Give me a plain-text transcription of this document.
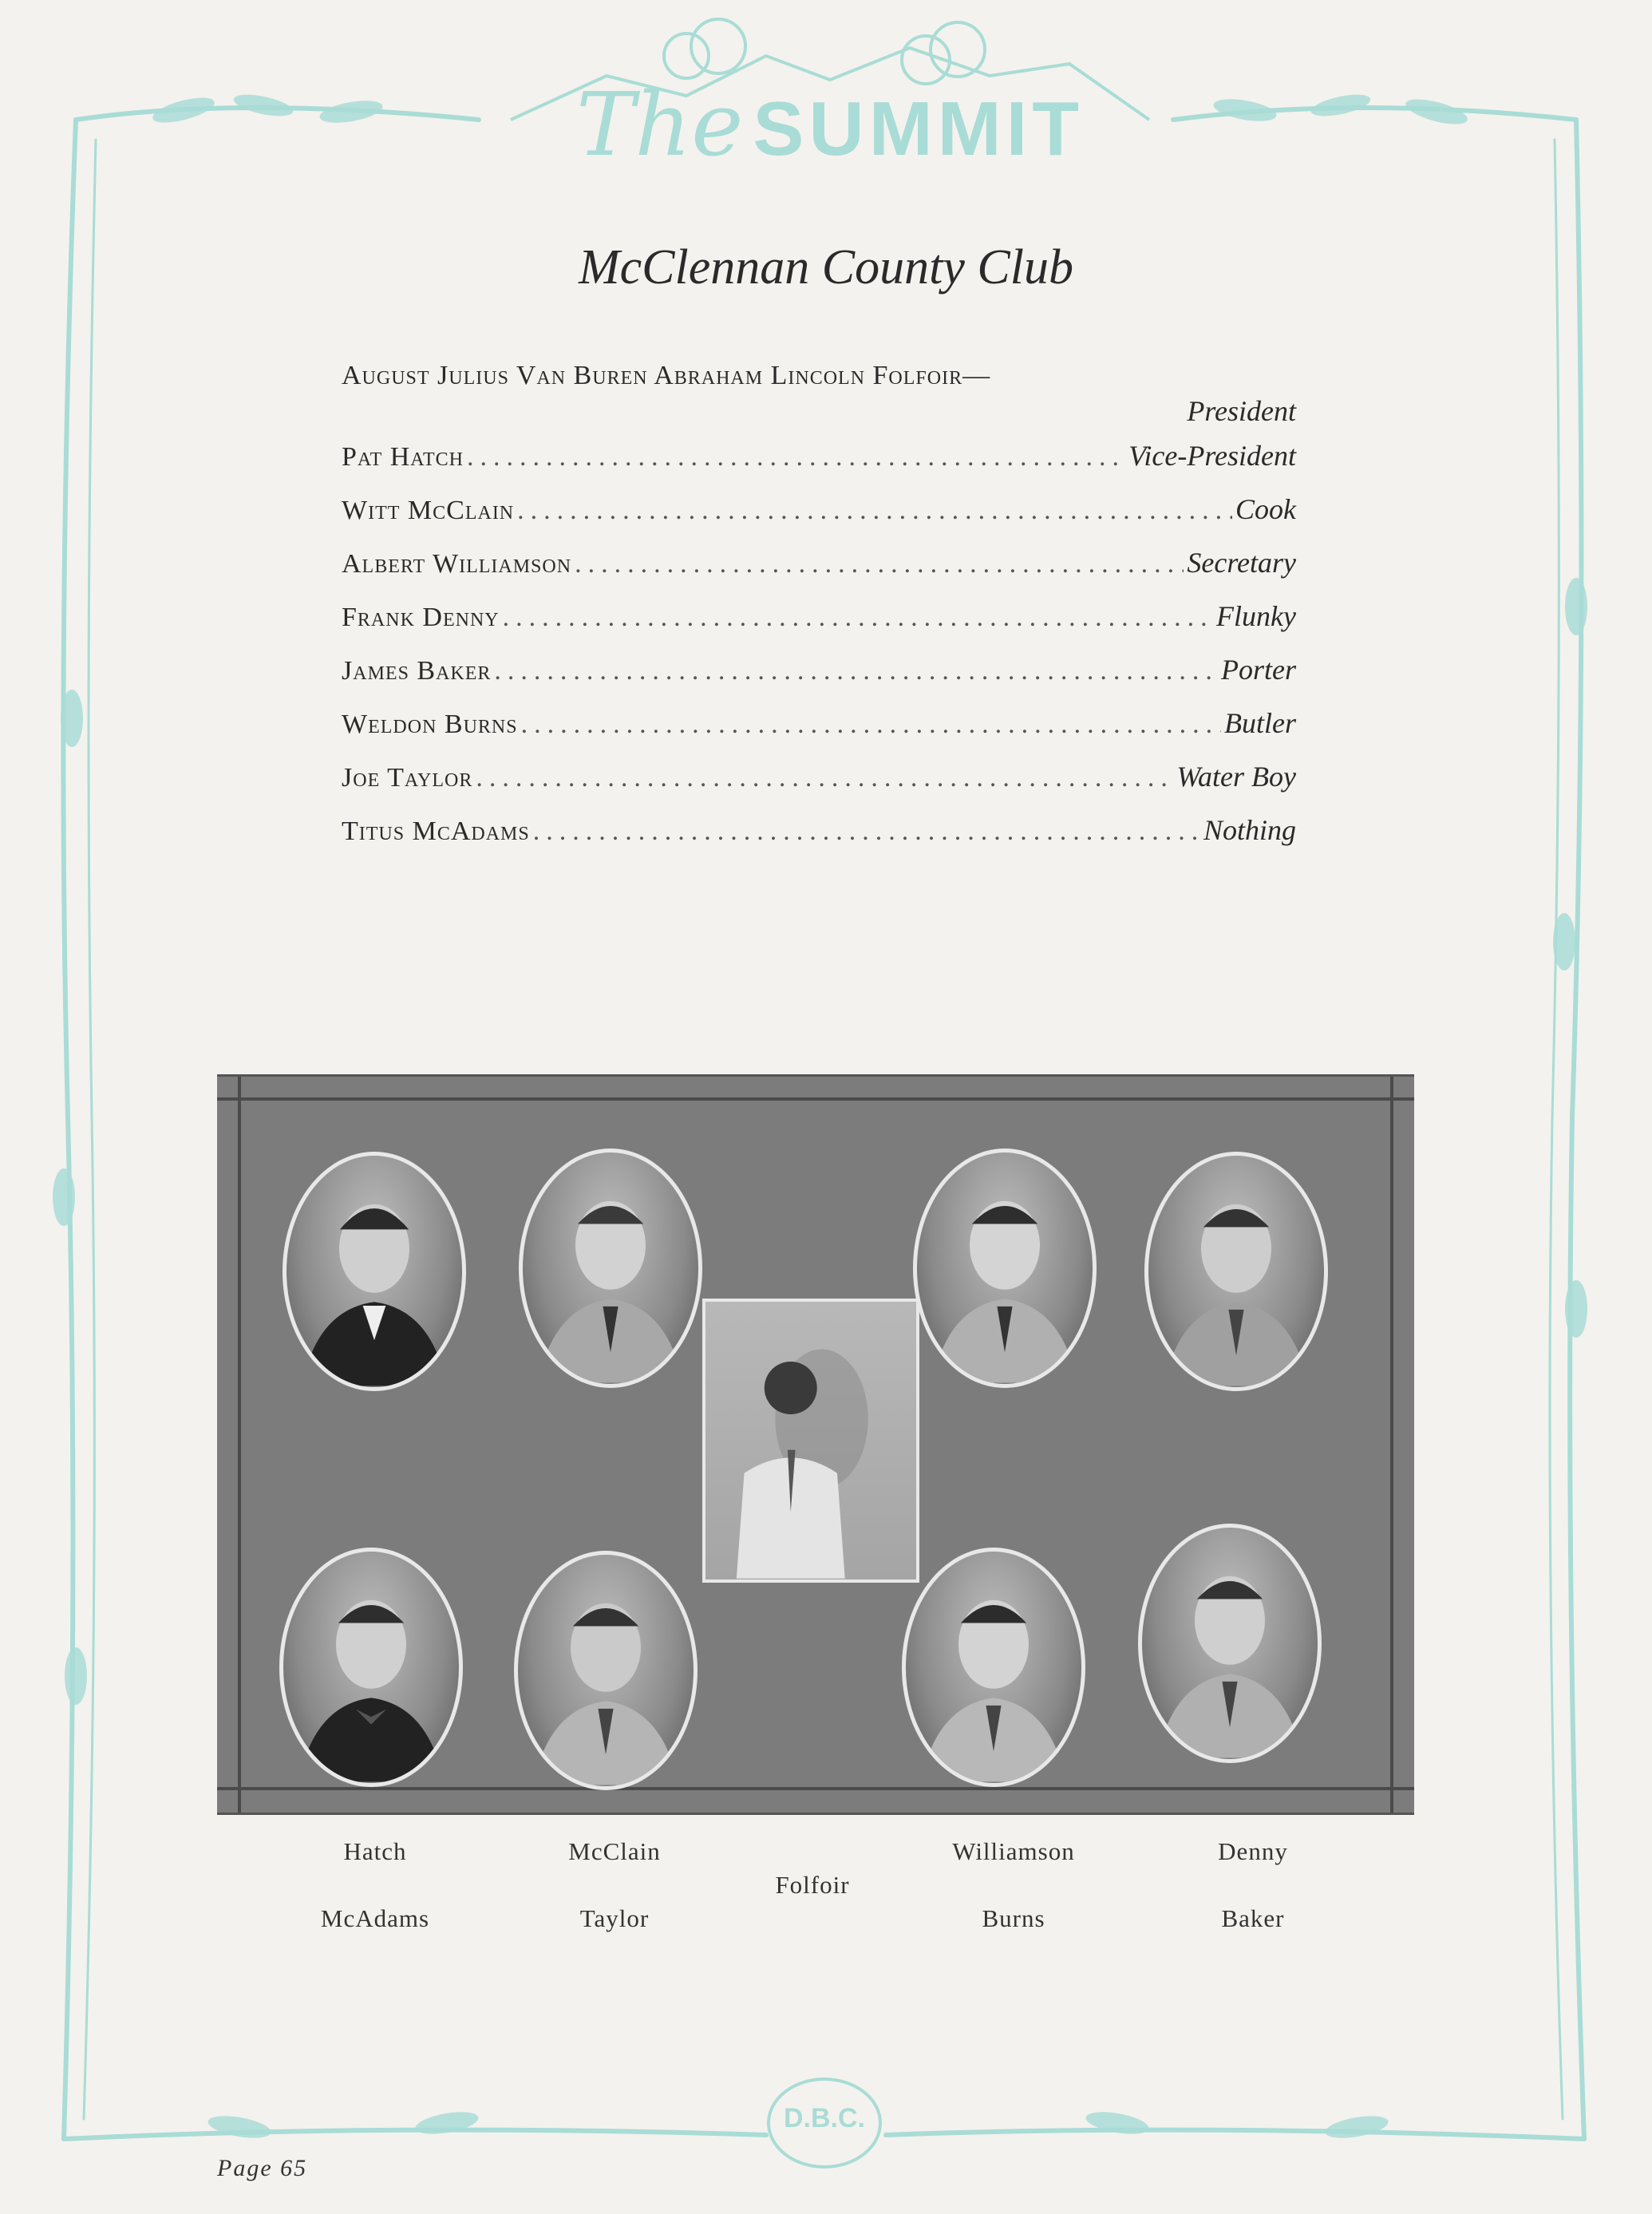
The SUMMIT
McClennan County Club
August Julius Van Buren Abraham Lincoln Folfoir—
President
Pat Hatch .....	Vice-President
Witt McClain .....	Cook
Albert Williamson .....	Secretary
Frank Denny .....	Flunky
James Baker .....	Porter
Weldon Burns .....	Butler
Joe Taylor .....	Water Boy
Titus McAdams .....	Nothing
Hatch	McClain	Williamson	Denny
Folfoir
McAdams	Taylor	Burns	Baker
D.B.C.
Page 65
